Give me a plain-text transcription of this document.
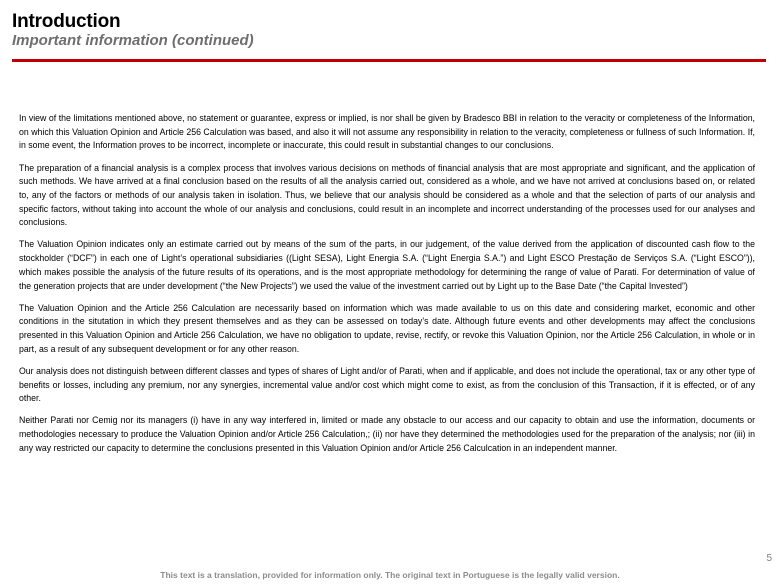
Introduction
Important information (continued)

In view of the limitations mentioned above, no statement or guarantee, express or implied, is nor shall be given by Bradesco BBI in relation to the veracity or completeness of the Information, on which this Valuation Opinion and Article 256 Calculation was based, and also it will not assume any responsibility in relation to the veracity, completeness or fullness of such Information. If, in some event, the Information proves to be incorrect, incomplete or inaccurate, this could result in substantial changes to our conclusions.

The preparation of a financial analysis is a complex process that involves various decisions on methods of financial analysis that are most appropriate and significant, and the application of such methods. We have arrived at a final conclusion based on the results of all the analysis carried out, considered as a whole, and we have not arrived at conclusions based on, or related to, any of the factors or methods of our analysis taken in isolation. Thus, we believe that our analysis should be considered as a whole and that the selection of parts of our analysis and specific factors, without taking into account the whole of our analysis and conclusions, could result in an incomplete and incorrect understanding of the processes used for our analyses and conclusions.

The Valuation Opinion indicates only an estimate carried out by means of the sum of the parts, in our judgement, of the value derived from the application of discounted cash flow to the stockholder (“DCF”) in each one of Light’s operational subsidiaries ((Light SESA), Light Energia S.A. (“Light Energia S.A.”) and Light ESCO Prestação de Serviços S.A. (“Light ESCO”)), which makes possible the analysis of the future results of its operations, and is the most appropriate methodology for determining the range of value of Parati. For determination of value of the generation projects that are under development (“the New Projects”) we used the value of the investment carried out by Light up to the Base Date (“the Capital Invested”)

The Valuation Opinion and the Article 256 Calculation are necessarily based on information which was made available to us on this date and considering market, economic and other conditions in the situtation in which they present themselves and as they can be assessed on today’s date. Although future events and other developments may affect the conclusions presented in this Valuation Opinion and Article 256 Calculation, we have no obligation to update, revise, rectify, or revoke this Valuation Opinion, nor the Article 256 Calculation, in whole or in part, as a result of any subsequent development or for any other reason.

Our analysis does not distinguish between different classes and types of shares of Light and/or of Parati, when and if applicable, and does not include the operational, tax or any other type of benefits or losses, including any premium, nor any synergies, incremental value and/or cost which might come to exist, as from the conclusion of this Transaction, if it is effected, or of any other.

Neither Parati nor Cemig nor its managers (i) have in any way interfered in, limited or made any obstacle to our access and our capacity to obtain and use the information, documents or methodologies necessary to produce the Valuation Opinion and/or Article 256 Calculation,; (ii) nor have they determined the methodologies used for the preparation of the analysis; nor (iii) in any way restricted our capacity to determine the conclusions presented in this Valuation Opinion and/or Article 256 Calculcation in an independent manner.

5
This text is a translation, provided for information only. The original text in Portuguese is the legally valid version.
